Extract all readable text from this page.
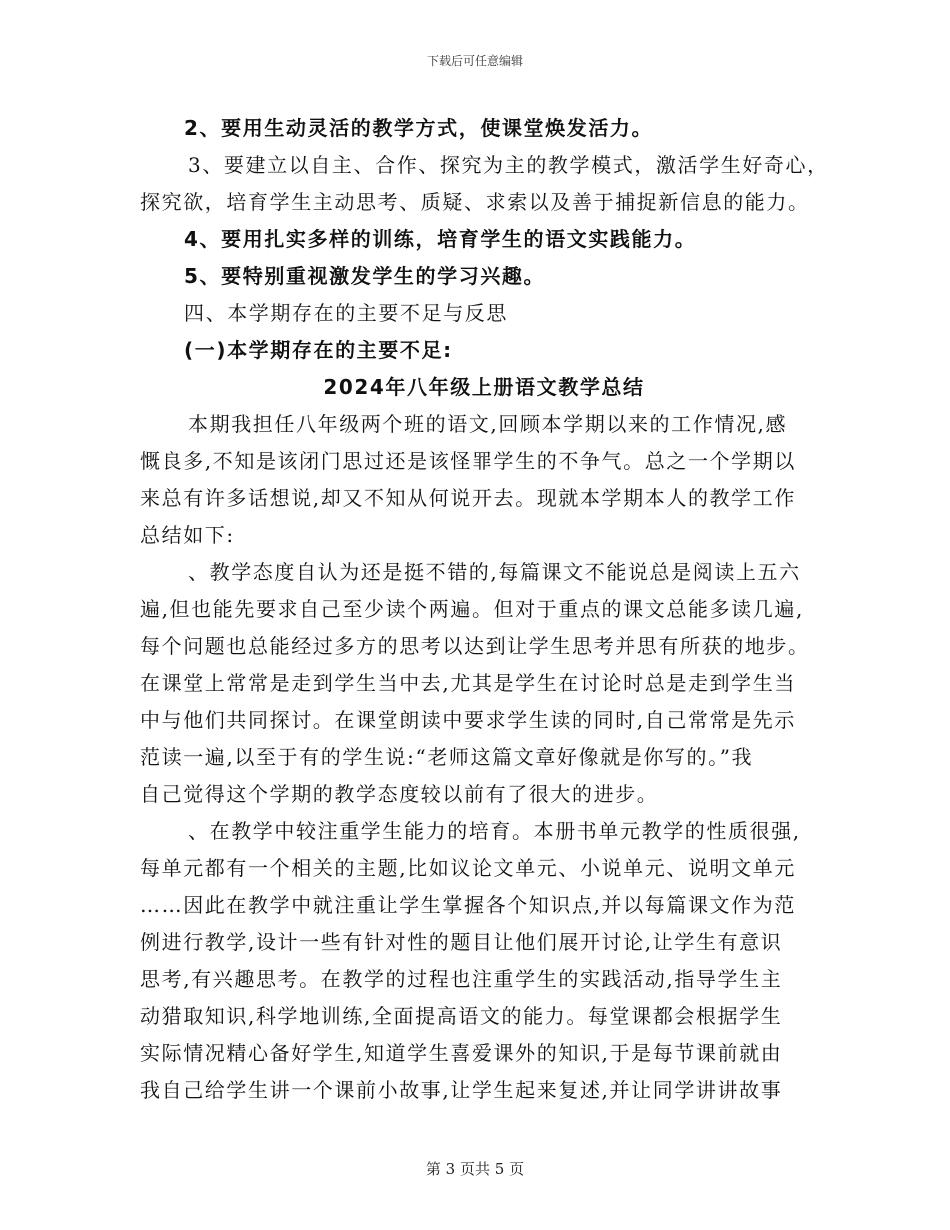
下载后可任意编辑
2、要用生动灵活的教学方式，使课堂焕发活力。
3、要建立以自主、合作、探究为主的教学模式，激活学生好奇心，
探究欲，培育学生主动思考、质疑、求索以及善于捕捉新信息的能力。
4、要用扎实多样的训练，培育学生的语文实践能力。
5、要特别重视激发学生的学习兴趣。
四、本学期存在的主要不足与反思
(一)本学期存在的主要不足:
2024年八年级上册语文教学总结
本期我担任八年级两个班的语文,回顾本学期以来的工作情况,感
慨良多,不知是该闭门思过还是该怪罪学生的不争气。总之一个学期以
来总有许多话想说,却又不知从何说开去。现就本学期本人的教学工作
总结如下:
、教学态度自认为还是挺不错的,每篇课文不能说总是阅读上五六
遍,但也能先要求自己至少读个两遍。但对于重点的课文总能多读几遍,
每个问题也总能经过多方的思考以达到让学生思考并思有所获的地步。
在课堂上常常是走到学生当中去,尤其是学生在讨论时总是走到学生当
中与他们共同探讨。在课堂朗读中要求学生读的同时,自己常常是先示
范读一遍,以至于有的学生说:“老师这篇文章好像就是你写的。”我
自己觉得这个学期的教学态度较以前有了很大的进步。
、在教学中较注重学生能力的培育。本册书单元教学的性质很强,
每单元都有一个相关的主题,比如议论文单元、小说单元、说明文单元
……因此在教学中就注重让学生掌握各个知识点,并以每篇课文作为范
例进行教学,设计一些有针对性的题目让他们展开讨论,让学生有意识
思考,有兴趣思考。在教学的过程也注重学生的实践活动,指导学生主
动猎取知识,科学地训练,全面提高语文的能力。每堂课都会根据学生
实际情况精心备好学生,知道学生喜爱课外的知识,于是每节课前就由
我自己给学生讲一个课前小故事,让学生起来复述,并让同学讲讲故事
第 3 页共 5 页
